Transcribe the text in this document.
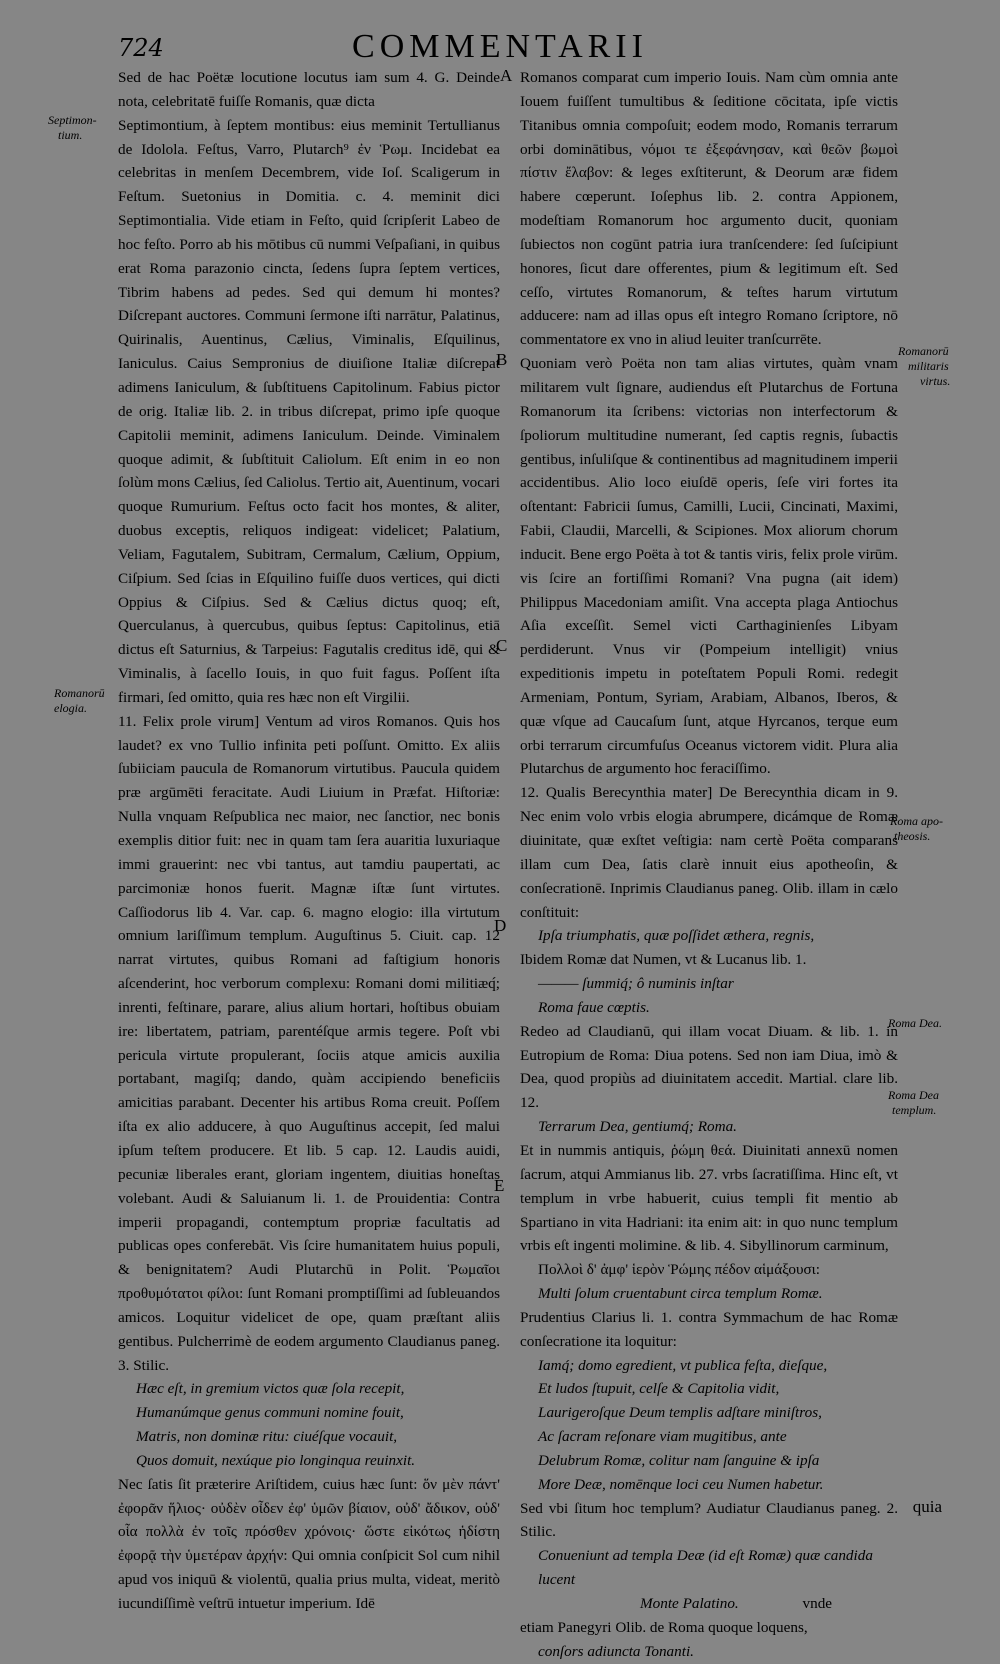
724	COMMENTARII
Septimon-
tium.
Romanorū
elogia.
Romanorū
militaris
virtus.
Roma apo-
theosis.
Roma Dea.
Roma Dea
templum.
A
B
C
D
E

Sed de hac Poëtæ locutione locutus iam sum 4. G. Deinde nota, celebritatē fuiſſe Romanis, quæ dicta

Septimontium, à ſeptem montibus: eius meminit Tertullianus de Idolola. Feſtus, Varro, Plutarch⁹ ἐν Ῥωμ. Incidebat ea celebritas in menſem Decembrem, vide Ioſ. Scaligerum in Feſtum. Suetonius in Domitia. c. 4. meminit dici Septimontialia. Vide etiam in Feſto, quid ſcripſerit Labeo de hoc feſto. Porro ab his mōtibus cū nummi Veſpaſiani, in quibus erat Roma parazonio cincta, ſedens ſupra ſeptem vertices, Tibrim habens ad pedes. Sed qui demum hi montes? Diſcrepant auctores. Communi ſermone iſti narrātur, Palatinus, Quirinalis, Auentinus, Cælius, Viminalis, Eſquilinus, Ianiculus. Caius Sempronius de diuiſione Italiæ diſcrepat adimens Ianiculum, & ſubſtituens Capitolinum. Fabius pictor de orig. Italiæ lib. 2. in tribus diſcrepat, primo ipſe quoque Capitolii meminit, adimens Ianiculum. Deinde. Viminalem quoque adimit, & ſubſtituit Caliolum. Eſt enim in eo non ſolùm mons Cælius, ſed Caliolus. Tertio ait, Auentinum, vocari quoque Rumurium. Feſtus octo facit hos montes, & aliter, duobus exceptis, reliquos indigeat: videlicet; Palatium, Veliam, Fagutalem, Subitram, Cermalum, Cælium, Oppium, Ciſpium. Sed ſcias in Eſquilino fuiſſe duos vertices, qui dicti Oppius & Ciſpius. Sed & Cælius dictus quoq; eſt, Querculanus, à quercubus, quibus ſeptus: Capitolinus, etiā dictus eſt Saturnius, & Tarpeius: Fagutalis creditus idē, qui & Viminalis, à ſacello Iouis, in quo fuit fagus. Poſſent iſta firmari, ſed omitto, quia res hæc non eſt Virgilii.

11. Felix prole virum] Ventum ad viros Romanos. Quis hos laudet? ex vno Tullio infinita peti poſſunt. Omitto. Ex aliis ſubiiciam paucula de Romanorum virtutibus. Paucula quidem præ argūmēti feracitate. Audi Liuium in Præfat. Hiſtoriæ: Nulla vnquam Reſpublica nec maior, nec ſanctior, nec bonis exemplis ditior fuit: nec in quam tam ſera auaritia luxuriaque immi grauerint: nec vbi tantus, aut tamdiu paupertati, ac parcimoniæ honos fuerit. Magnæ iſtæ ſunt virtutes. Caſſiodorus lib 4. Var. cap. 6. magno elogio: illa virtutum omnium lariſſimum templum. Auguſtinus 5. Ciuit. cap. 12 narrat virtutes, quibus Romani ad faſtigium honoris aſcenderint, hoc verborum complexu: Romani domi militiæq́; inrenti, feſtinare, parare, alius alium hortari, hoſtibus obuiam ire: libertatem, patriam, parentéſque armis tegere. Poſt vbi pericula virtute propulerant, ſociis atque amicis auxilia portabant, magiſq; dando, quàm accipiendo beneficiis amicitias parabant. Decenter his artibus Roma creuit. Poſſem iſta ex alio adducere, à quo Auguſtinus accepit, ſed malui ipſum teſtem producere. Et lib. 5 cap. 12. Laudis auidi, pecuniæ liberales erant, gloriam ingentem, diuitias honeſtas volebant. Audi & Saluianum li. 1. de Prouidentia: Contra imperii propagandi, contemptum propriæ facultatis ad publicas opes conferebāt. Vis ſcire humanitatem huius populi, & benignitatem? Audi Plutarchū in Polit. Ῥωμαῖοι προθυμότατοι φίλοι: ſunt Romani promptiſſimi ad ſubleuandos amicos. Loquitur videlicet de ope, quam præſtant aliis gentibus. Pulcherrimè de eodem argumento Claudianus paneg. 3. Stilic.

Hæc eſt, in gremium victos quæ ſola recepit,

Humanúmque genus communi nomine fouit,

Matris, non dominæ ritu: ciuéſque vocauit,

Quos domuit, nexúque pio longinqua reuinxit.

Nec ſatis ſit præterire Ariſtidem, cuius hæc ſunt: ὅν μὲν πάντ' ἐφορᾶν ἥλιος· οὐδὲν οἶδεν ἐφ' ὑμῶν βίαιον, οὐδ' ἄδικον, οὐδ' οἷα πολλὰ ἐν τοῖς πρόσθεν χρόνοις· ὥστε εἰκότως ἡδίστη ἐφορᾷ τὴν ὑμετέραν ἀρχήν: Qui omnia conſpicit Sol cum nihil apud vos iniquū & violentū, qualia prius multa, videat, meritò iucundiſſimè veſtrū intuetur imperium. Idē

Romanos comparat cum imperio Iouis. Nam cùm omnia ante Iouem fuiſſent tumultibus & ſeditione cōcitata, ipſe victis Titanibus omnia compoſuit; eodem modo, Romanis terrarum orbi dominātibus, νόμοι τε ἐξεφάνησαν, καὶ θεῶν βωμοὶ πίστιν ἔλαβον: & leges exſtiterunt, & Deorum aræ fidem habere cœperunt. Ioſephus lib. 2. contra Appionem, modeſtiam Romanorum hoc argumento ducit, quoniam ſubiectos non cogūnt patria iura tranſcendere: ſed ſuſcipiunt honores, ſicut dare offerentes, pium & legitimum eſt. Sed ceſſo, virtutes Romanorum, & teſtes harum virtutum adducere: nam ad illas opus eſt integro Romano ſcriptore, nō commentatore ex vno in aliud leuiter tranſcurrēte.

Quoniam verò Poëta non tam alias virtutes, quàm vnam militarem vult ſignare, audiendus eſt Plutarchus de Fortuna Romanorum ita ſcribens: victorias non interfectorum & ſpoliorum multitudine numerant, ſed captis regnis, ſubactis gentibus, inſuliſque & continentibus ad magnitudinem imperii accidentibus. Alio loco eiuſdē operis, ſeſe viri fortes ita oſtentant: Fabricii ſumus, Camilli, Lucii, Cincinati, Maximi, Fabii, Claudii, Marcelli, & Scipiones. Mox aliorum chorum inducit. Bene ergo Poëta à tot & tantis viris, felix prole virūm. vis ſcire an fortiſſimi Romani? Vna pugna (ait idem) Philippus Macedoniam amiſit. Vna accepta plaga Antiochus Aſia exceſſit. Semel victi Carthaginienſes Libyam perdiderunt. Vnus vir (Pompeium intelligit) vnius expeditionis impetu in poteſtatem Populi Romi. redegit Armeniam, Pontum, Syriam, Arabiam, Albanos, Iberos, & quæ vſque ad Caucaſum ſunt, atque Hyrcanos, terque eum orbi terrarum circumfuſus Oceanus victorem vidit. Plura alia Plutarchus de argumento hoc feraciſſimo.

12. Qualis Berecynthia mater] De Berecynthia dicam in 9. Nec enim volo vrbis elogia abrumpere, dicámque de Romæ diuinitate, quæ exſtet veſtigia: nam certè Poëta comparans illam cum Dea, ſatis clarè innuit eius apotheoſin, & conſecrationē. Inprimis Claudianus paneg. Olib. illam in cælo conſtituit:

Ipſa triumphatis, quæ poſſidet æthera, regnis,

Ibidem Romæ dat Numen, vt & Lucanus lib. 1.

——— ſummiq́; ô numinis inſtar

Roma faue cœptis.

Redeo ad Claudianū, qui illam vocat Diuam. & lib. 1. in Eutropium de Roma: Diua potens. Sed non iam Diua, imò & Dea, quod propiùs ad diuinitatem accedit. Martial. clare lib. 12.

Terrarum Dea, gentiumq́; Roma.

Et in nummis antiquis, ῥώμη θεά. Diuinitati annexū nomen ſacrum, atqui Ammianus lib. 27. vrbs ſacratiſſima. Hinc eſt, vt templum in vrbe habuerit, cuius templi fit mentio ab Spartiano in vita Hadriani: ita enim ait: in quo nunc templum vrbis eſt ingenti molimine. & lib. 4. Sibyllinorum carminum,

Πολλοὶ δ' ἀμφ' ἱερὸν Ῥώμης πέδον αἱμάξουσι:

Multi ſolum cruentabunt circa templum Romæ.

Prudentius Clarius li. 1. contra Symmachum de hac Romæ conſecratione ita loquitur:

Iamq́; domo egredient, vt publica feſta, dieſque,

Et ludos ſtupuit, celſe & Capitolia vidit,

Laurigeroſque Deum templis adſtare miniſtros,

Ac ſacram reſonare viam mugitibus, ante

Delubrum Romæ, colitur nam ſanguine & ipſa

More Deæ, nomēnque loci ceu Numen habetur.

Sed vbi ſitum hoc templum? Audiatur Claudianus paneg. 2. Stilic.

Conueniunt ad templa Deæ (id eſt Romæ) quæ candida lucent

Monte Palatino.	vnde

etiam Panegyri Olib. de Roma quoque loquens,

conſors adiuncta Tonanti.

quia
